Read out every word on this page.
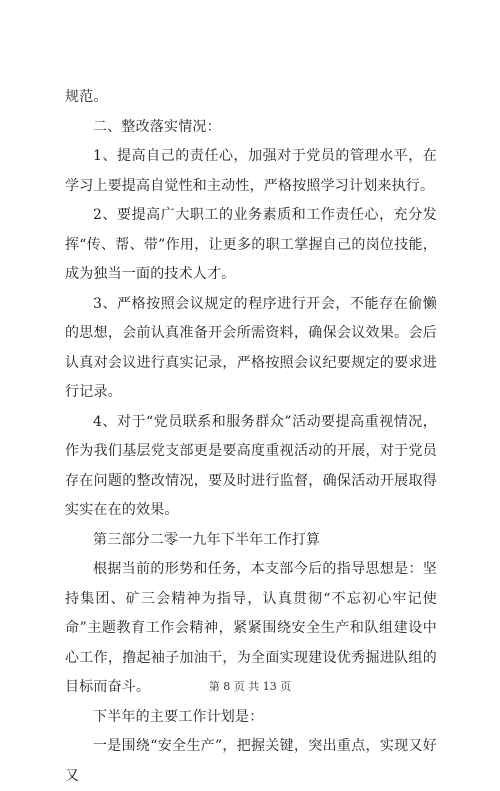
规范。

二、整改落实情况：

1、提高自己的责任心，加强对于党员的管理水平，在学习上要提高自觉性和主动性，严格按照学习计划来执行。

2、要提高广大职工的业务素质和工作责任心，充分发挥“传、帮、带”作用，让更多的职工掌握自己的岗位技能，成为独当一面的技术人才。

3、严格按照会议规定的程序进行开会，不能存在偷懒的思想，会前认真准备开会所需资料，确保会议效果。会后认真对会议进行真实记录，严格按照会议纪要规定的要求进行记录。

4、对于“党员联系和服务群众”活动要提高重视情况，作为我们基层党支部更是要高度重视活动的开展，对于党员存在问题的整改情况，要及时进行监督，确保活动开展取得实实在在的效果。

第三部分二零一九年下半年工作打算

根据当前的形势和任务，本支部今后的指导思想是：坚持集团、矿三会精神为指导，认真贯彻“不忘初心牢记使命”主题教育工作会精神，紧紧围绕安全生产和队组建设中心工作，撸起袖子加油干，为全面实现建设优秀掘进队组的目标而奋斗。

下半年的主要工作计划是：

一是围绕“安全生产”，把握关键，突出重点，实现又好又

第 8 页 共 13 页
